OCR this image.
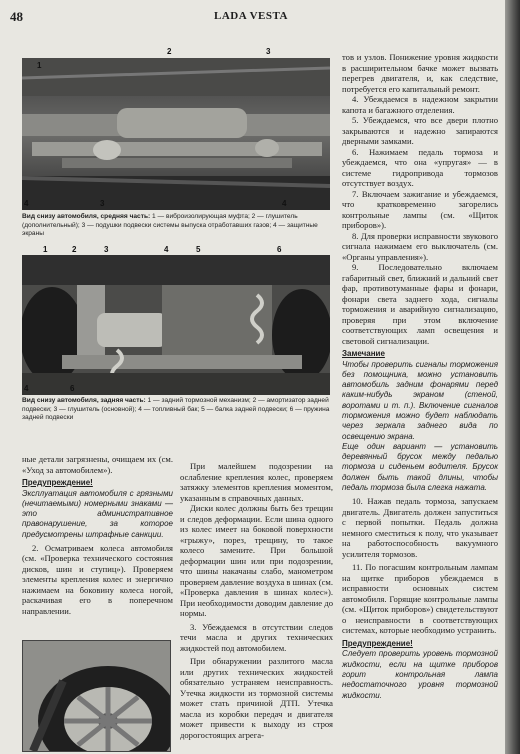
48	LADA VESTA
1
2
3
4
3
4
Вид снизу автомобиля, средняя часть: 1 — виброизолирующая муфта; 2 — глушитель (дополнительный); 3 — подушки подвески системы выпуска отработавших газов; 4 — защитные экраны
1	2	3	4	5	6
4	6
Вид снизу автомобиля, задняя часть: 1 — задний тормозной механизм; 2 — амортизатор задней подвески; 3 — глушитель (основной); 4 — топливный бак; 5 — балка задней подвески; 6 — пружина задней подвески

ные детали загрязнены, очищаем их (см. «Уход за автомобилем»).

Предупреждение!

Эксплуатация автомобиля с грязными (нечитаемыми) номерными знаками — это административное правонарушение, за которое предусмотрены штрафные санкции.

2. Осматриваем колеса автомобиля (см. «Проверка технического состояния дисков, шин и ступиц»). Проверяем элементы крепления колес и энергично нажимаем на боковину колеса ногой, раскачивая его в поперечном направлении.

При малейшем подозрении на ослабление крепления колес, проверяем затяжку элементов крепления моментом, указанным в справочных данных.

Диски колес должны быть без трещин и следов деформации. Если шина одного из колес имеет на боковой поверхности «грыжу», порез, трещину, то такое колесо замените. При большой деформации шин или при подозрении, что шины накачаны слабо, манометром проверяем давление воздуха в шинах (см. «Проверка давления в шинах колес»). При необходимости доводим давление до нормы.

3. Убеждаемся в отсутствии следов течи масла и других технических жидкостей под автомобилем.

При обнаружении разлитого масла или других технических жидкостей обязательно устраняем неисправность. Утечка жидкости из тормозной системы может стать причиной ДТП. Утечка масла из коробки передач и двигателя может привести к выходу из строя дорогостоящих агрега-

тов и узлов. Понижение уровня жидкости в расширительном бачке может вызвать перегрев двигателя, и, как следствие, потребуется его капитальный ремонт.

4. Убеждаемся в надежном закрытии капота и багажного отделения.

5. Убеждаемся, что все двери плотно закрываются и надежно запираются дверными замками.

6. Нажимаем педаль тормоза и убеждаемся, что она «упругая» — в системе гидропривода тормозов отсутствует воздух.

7. Включаем зажигание и убеждаемся, что кратковременно загорелись контрольные лампы (см. «Щиток приборов»).

8. Для проверки исправности звукового сигнала нажимаем его выключатель (см. «Органы управления»).

9. Последовательно включаем габаритный свет, ближний и дальний свет фар, противотуманные фары и фонари, фонари света заднего хода, сигналы торможения и аварийную сигнализацию, проверяя при этом включение соответствующих ламп освещения и световой сигнализации.

Замечание

Чтобы проверить сигналы торможения без помощника, можно установить автомобиль задним фонарями перед каким-нибудь экраном (стеной, воротами и т. п.). Включение сигналов торможения можно будет наблюдать через зеркала заднего вида по освещению экрана.

Еще один вариант — установить деревянный брусок между педалью тормоза и сиденьем водителя. Брусок должен быть такой длины, чтобы педаль тормоза была слегка нажата.

10. Нажав педаль тормоза, запускаем двигатель. Двигатель должен запуститься с первой попытки. Педаль должна немного сместиться к полу, что указывает на работоспособность вакуумного усилителя тормозов.

11. По погасшим контрольным лампам на щитке приборов убеждаемся в исправности основных систем автомобиля. Горящие контрольные лампы (см. «Щиток приборов») свидетельствуют о неисправности в соответствующих системах, которые необходимо устранить.

Предупреждение!

Следует проверить уровень тормозной жидкости, если на щитке приборов горит контрольная лампа недостаточного уровня тормозной жидкости.
